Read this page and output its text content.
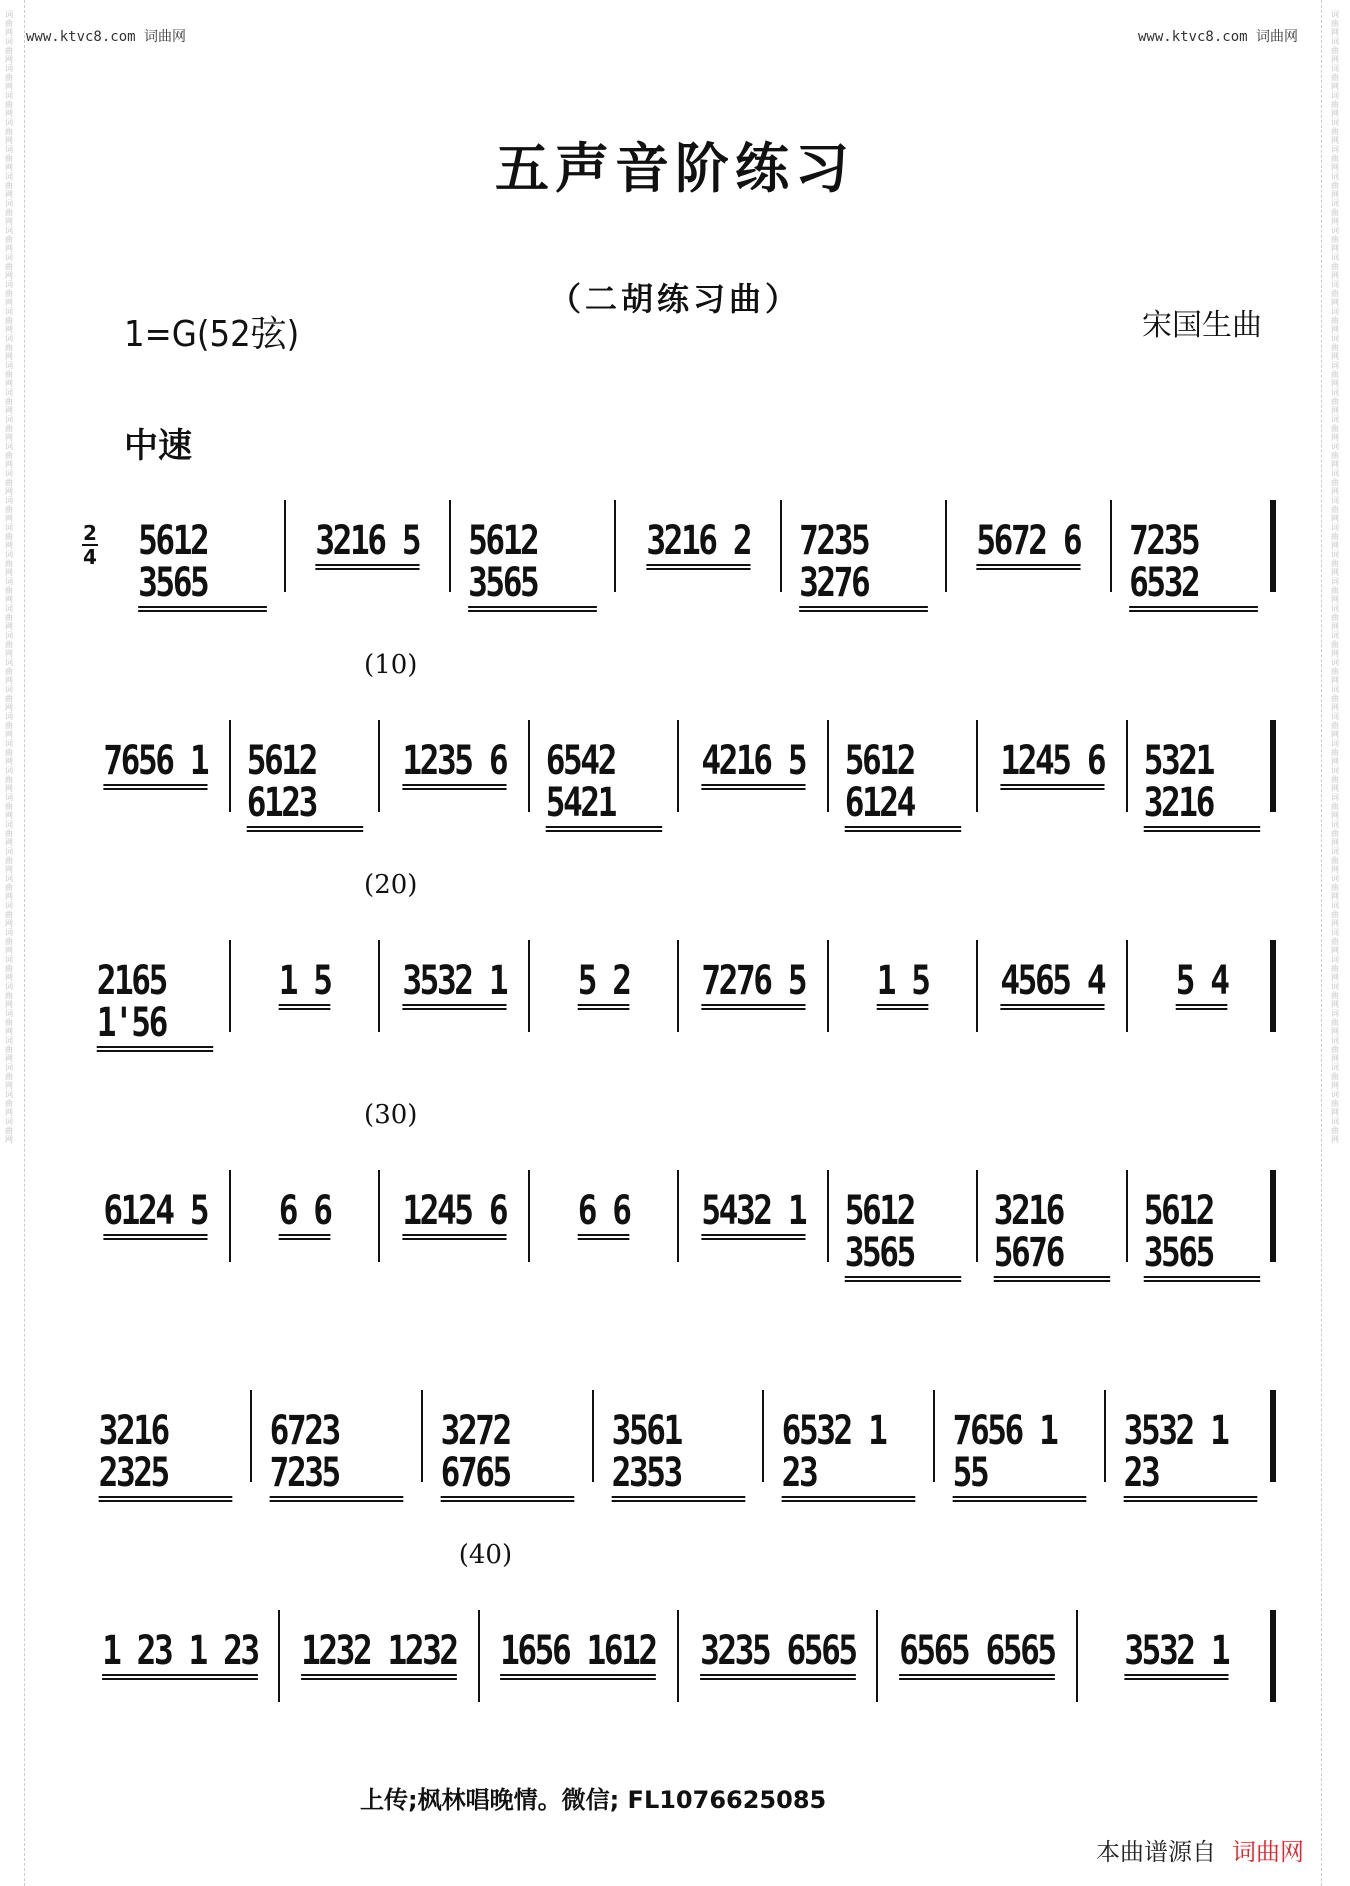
词曲网词曲网词曲网词曲网词曲网词曲网词曲网词曲网词曲网词曲网词曲网词曲网词曲网词曲网词曲网词曲网词曲网词曲网词曲网词曲网词曲网词曲网词曲网词曲网词曲网词曲网词曲网词曲网词曲网词曲网词曲网词曲网词曲网词曲网词曲网词曲网词曲网词曲网词曲网词曲网词曲网词曲网
词曲网词曲网词曲网词曲网词曲网词曲网词曲网词曲网词曲网词曲网词曲网词曲网词曲网词曲网词曲网词曲网词曲网词曲网词曲网词曲网词曲网词曲网词曲网词曲网词曲网词曲网词曲网词曲网词曲网词曲网词曲网词曲网词曲网词曲网词曲网词曲网词曲网词曲网词曲网词曲网词曲网词曲网
www.ktvc8.com 词曲网	www.ktvc8.com 词曲网
五声音阶练习
（二胡练习曲）
1=G(52弦)	宋国生曲
中速
2
4 5612 3565
3216 5 5612 3565
3216 2 7235 3276
5672 6 7235 6532
(10)
7656 1 5612 6123
1235 6 6542 5421
4216 5 5612 6124
1245 6 5321 3216
(20)
2165 1'56
1 5 3532 1 5 2 7276 5 1 5 4565 4 5 4
(30)
6124 5 6 6 1245 6 6 6 5432 1 5612 3565
3216 5676
5612 3565
3216 2325
6723 7235
3272 6765
3561 2353
6532 1 23
7656 1 55
3532 1 23
(40)
1 23 1 23 1232 1232 1656 1612 3235 6565 6565 6565 3532 1
上传;枫林唱晚情。微信; FL1076625085
本曲谱源自 词曲网
